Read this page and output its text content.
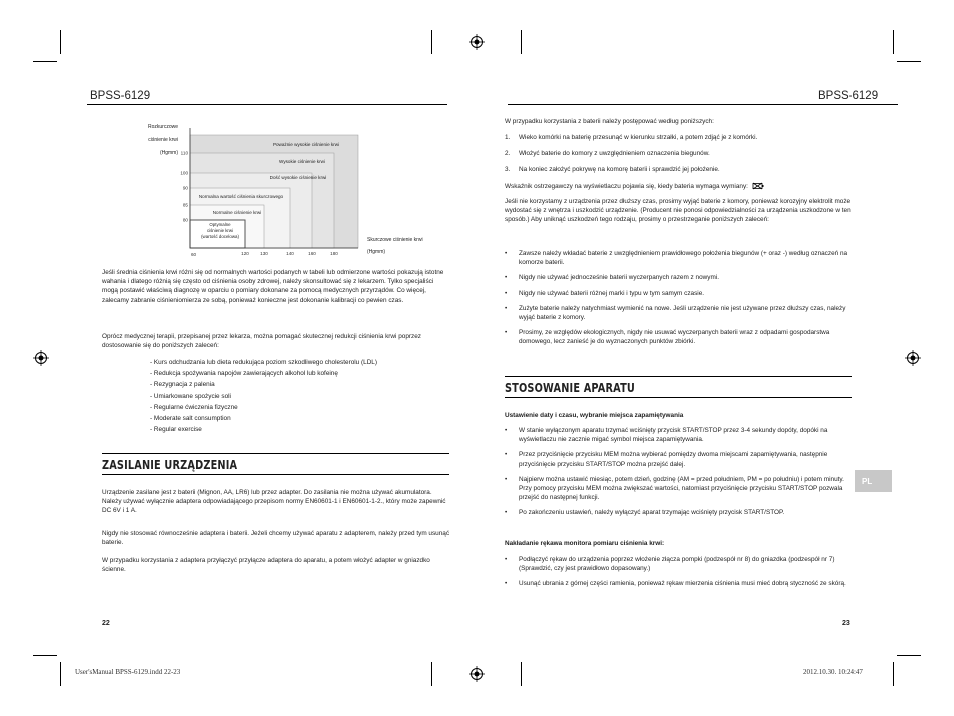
BPSS-6129	BPSS-6129
Rozkurczowe
ciśnienie krwi
(Hgmm)
Skurczowe ciśnienie krwi
(Hgmm)
Poważnie wysokie ciśnienie krwi
Wysokie ciśnienie krwi
Dość wysokie ciśnienie krwi
Normalna wartość ciśnienia skurczowego
Normalne ciśnienie krwi
Optymalne
ciśnienie krwi
(wartość docelowa)
110
100
90
85
80
120 130	140	160	180
60
Jeśli średnia ciśnienia krwi różni się od normalnych wartości podanych w tabeli lub odmierzone wartości pokazują istotne wahania i dlatego różnią się często od ciśnienia osoby zdrowej, należy skonsultować się z lekarzem. Tylko specjaliści mogą postawić właściwą diagnozę w oparciu o pomiary dokonane za pomocą medycznych przyrządów. Co więcej, zalecamy zabranie ciśnieniomierza ze sobą, ponieważ konieczne jest dokonanie kalibracji co pewien czas.
Oprócz medycznej terapii, przepisanej przez lekarza, można pomagać skutecznej redukcji ciśnienia krwi poprzez dostosowanie się do poniższych zaleceń:
- Kurs odchudzania lub dieta redukująca poziom szkodliwego cholesterolu (LDL)
- Redukcja spożywania napojów zawierających alkohol lub kofeinę
- Rezygnacja z palenia
- Umiarkowane spożycie soli
- Regularne ćwiczenia fizyczne
- Moderate salt consumption
- Regular exercise
ZASILANIE URZĄDZENIA
Urządzenie zasilane jest z baterii (Mignon, AA, LR6) lub przez adapter. Do zasilania nie można używać akumulatora. Należy używać wyłącznie adaptera odpowiadającego przepisom normy EN60601-1 i EN60601-1-2., który może zapewnić DC 6V i 1 A.
Nigdy nie stosować równocześnie adaptera i baterii. Jeżeli chcemy używać aparatu z adapterem, należy przed tym usunąć baterie.
W przypadku korzystania z adaptera przyłączyć przyłącze adaptera do aparatu, a potem włożyć adapter w gniazdko ścienne.
22
W przypadku korzystania z baterii należy postępować według poniższych:
1. Wieko komórki na baterię przesunąć w kierunku strzałki, a potem zdjąć je z komórki.
2. Włożyć baterie do komory z uwzględnieniem oznaczenia biegunów.
3. Na koniec założyć pokrywę na komorę baterii i sprawdzić jej położenie.
Wskaźnik ostrzegawczy na wyświetlaczu pojawia się, kiedy bateria wymaga wymiany:
Jeśli nie korzystamy z urządzenia przez dłuższy czas, prosimy wyjąć baterie z komory, ponieważ korozyjny elektrolit może wydostać się z wnętrza i uszkodzić urządzenie. (Producent nie ponosi odpowiedzialności za urządzenia uszkodzone w ten sposób.) Aby uniknąć uszkodzeń tego rodzaju, prosimy o przestrzeganie poniższych zaleceń:
• Zawsze należy wkładać baterie z uwzględnieniem prawidłowego położenia biegunów (+ oraz -) według oznaczeń na komorze baterii.
• Nigdy nie używać jednocześnie baterii wyczerpanych razem z nowymi.
• Nigdy nie używać baterii różnej marki i typu w tym samym czasie.
• Zużyte baterie należy natychmiast wymienić na nowe. Jeśli urządzenie nie jest używane przez dłuższy czas, należy wyjąć baterie z komory.
• Prosimy, ze względów ekologicznych, nigdy nie usuwać wyczerpanych baterii wraz z odpadami gospodarstwa domowego, lecz zanieść je do wyznaczonych punktów zbiórki.
STOSOWANIE APARATU
Ustawienie daty i czasu, wybranie miejsca zapamiętywania
• W stanie wyłączonym aparatu trzymać wciśnięty przycisk START/STOP przez 3-4 sekundy dopóty, dopóki na wyświetlaczu nie zacznie migać symbol miejsca zapamiętywania.
• Przez przyciśnięcie przycisku MEM można wybierać pomiędzy dwoma miejscami zapamiętywania, następnie przyciśnięcie przycisku START/STOP można przejść dalej.
• Najpierw można ustawić miesiąc, potem dzień, godzinę (AM = przed południem, PM = po południu) i potem minuty. Przy pomocy przycisku MEM można zwiększać wartości, natomiast przyciśnięcie przycisku START/STOP pozwala przejść do następnej funkcji.
• Po zakończeniu ustawień, należy wyłączyć aparat trzymając wciśnięty przycisk START/STOP.
Nakładanie rękawa monitora pomiaru ciśnienia krwi:
• Podłączyć rękaw do urządzenia poprzez włożenie złącza pompki (podzespół nr 8) do gniazdka (podzespół nr 7) (Sprawdzić, czy jest prawidłowo dopasowany.)
• Usunąć ubrania z górnej części ramienia, ponieważ rękaw mierzenia ciśnienia musi mieć dobrą styczność ze skórą.
PL
23
User'sManual BPSS-6129.indd 22-23	2012.10.30. 10:24:47
